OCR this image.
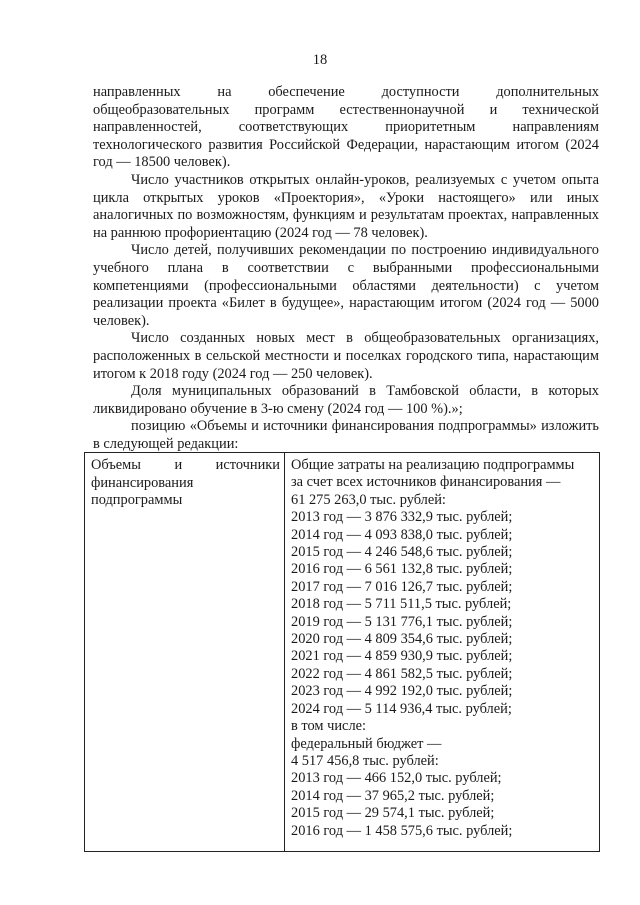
18

направленных на обеспечение доступности дополнительных общеобразовательных программ естественнонаучной и технической направленностей, соответствующих приоритетным направлениям технологического развития Российской Федерации, нарастающим итогом (2024 год — 18500 человек).

Число участников открытых онлайн-уроков, реализуемых с учетом опыта цикла открытых уроков «Проектория», «Уроки настоящего» или иных аналогичных по возможностям, функциям и результатам проектах, направленных на раннюю профориентацию (2024 год — 78 человек).

Число детей, получивших рекомендации по построению индивидуального учебного плана в соответствии с выбранными профессиональными компетенциями (профессиональными областями деятельности) с учетом реализации проекта «Билет в будущее», нарастающим итогом (2024 год — 5000 человек).

Число созданных новых мест в общеобразовательных организациях, расположенных в сельской местности и поселках городского типа, нарастающим итогом к 2018 году (2024 год — 250 человек).

Доля муниципальных образований в Тамбовской области, в которых ликвидировано обучение в 3-ю смену (2024 год — 100 %).»;

позицию «Объемы и источники финансирования подпрограммы» изложить в следующей редакции:

Объемы и источники
финансирования
подпрограммы
Общие затраты на реализацию подпрограммы
за счет всех источников финансирования —
61 275 263,0 тыс. рублей:
2013 год — 3 876 332,9 тыс. рублей;
2014 год — 4 093 838,0 тыс. рублей;
2015 год — 4 246 548,6 тыс. рублей;
2016 год — 6 561 132,8 тыс. рублей;
2017 год — 7 016 126,7 тыс. рублей;
2018 год — 5 711 511,5 тыс. рублей;
2019 год — 5 131 776,1 тыс. рублей;
2020 год — 4 809 354,6 тыс. рублей;
2021 год — 4 859 930,9 тыс. рублей;
2022 год — 4 861 582,5 тыс. рублей;
2023 год — 4 992 192,0 тыс. рублей;
2024 год — 5 114 936,4 тыс. рублей;
в том числе:
федеральный бюджет —
4 517 456,8 тыс. рублей:
2013 год — 466 152,0 тыс. рублей;
2014 год — 37 965,2 тыс. рублей;
2015 год — 29 574,1 тыс. рублей;
2016 год — 1 458 575,6 тыс. рублей;
